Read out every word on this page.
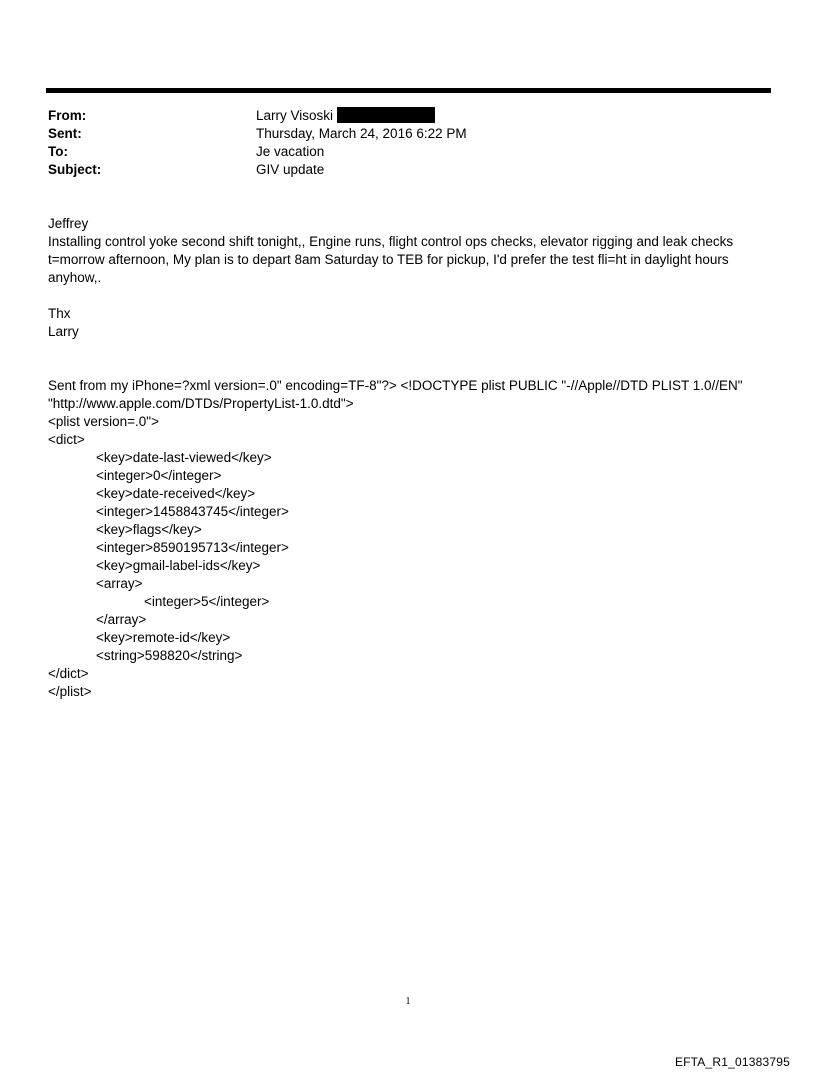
From:	Larry Visoski
Sent:	Thursday, March 24, 2016 6:22 PM
To:	Je vacation
Subject:	GIV update
Jeffrey
Installing control yoke second shift tonight,, Engine runs, flight control ops checks, elevator rigging and leak checks
t=morrow afternoon, My plan is to depart 8am Saturday to TEB for pickup, I'd prefer the test fli=ht in daylight hours
anyhow,.
Thx
Larry
Sent from my iPhone=?xml version=.0" encoding=TF-8"?> <!DOCTYPE plist PUBLIC "-//Apple//DTD PLIST 1.0//EN"
"http://www.apple.com/DTDs/PropertyList-1.0.dtd">
<plist version=.0">
<dict>
<key>date-last-viewed</key>
<integer>0</integer>
<key>date-received</key>
<integer>1458843745</integer>
<key>flags</key>
<integer>8590195713</integer>
<key>gmail-label-ids</key>
<array>
<integer>5</integer>
</array>
<key>remote-id</key>
<string>598820</string>
</dict>
</plist>
1
EFTA_R1_01383795
